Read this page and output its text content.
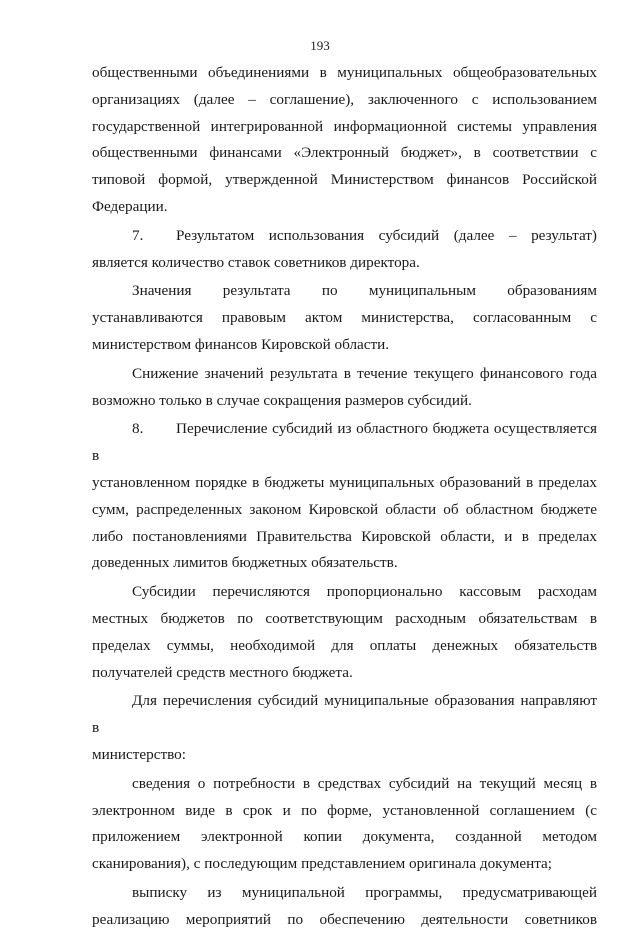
193

общественными объединениями в муниципальных общеобразовательных

организациях (далее – соглашение), заключенного с использованием

государственной интегрированной информационной системы управления

общественными финансами «Электронный бюджет», в соответствии с

типовой формой, утвержденной Министерством финансов Российской

Федерации.

7. Результатом использования субсидий (далее – результат)

является количество ставок советников директора.

Значения результата по муниципальным образованиям

устанавливаются правовым актом министерства, согласованным с

министерством финансов Кировской области.

Снижение значений результата в течение текущего финансового года

возможно только в случае сокращения размеров субсидий.

8. Перечисление субсидий из областного бюджета осуществляется в

установленном порядке в бюджеты муниципальных образований в пределах

сумм, распределенных законом Кировской области об областном бюджете

либо постановлениями Правительства Кировской области, и в пределах

доведенных лимитов бюджетных обязательств.

Субсидии перечисляются пропорционально кассовым расходам

местных бюджетов по соответствующим расходным обязательствам в

пределах суммы, необходимой для оплаты денежных обязательств

получателей средств местного бюджета.

Для перечисления субсидий муниципальные образования направляют в

министерство:

сведения о потребности в средствах субсидий на текущий месяц в

электронном виде в срок и по форме, установленной соглашением (с

приложением электронной копии документа, созданной методом

сканирования), с последующим представлением оригинала документа;

выписку из муниципальной программы, предусматривающей

реализацию мероприятий по обеспечению деятельности советников
